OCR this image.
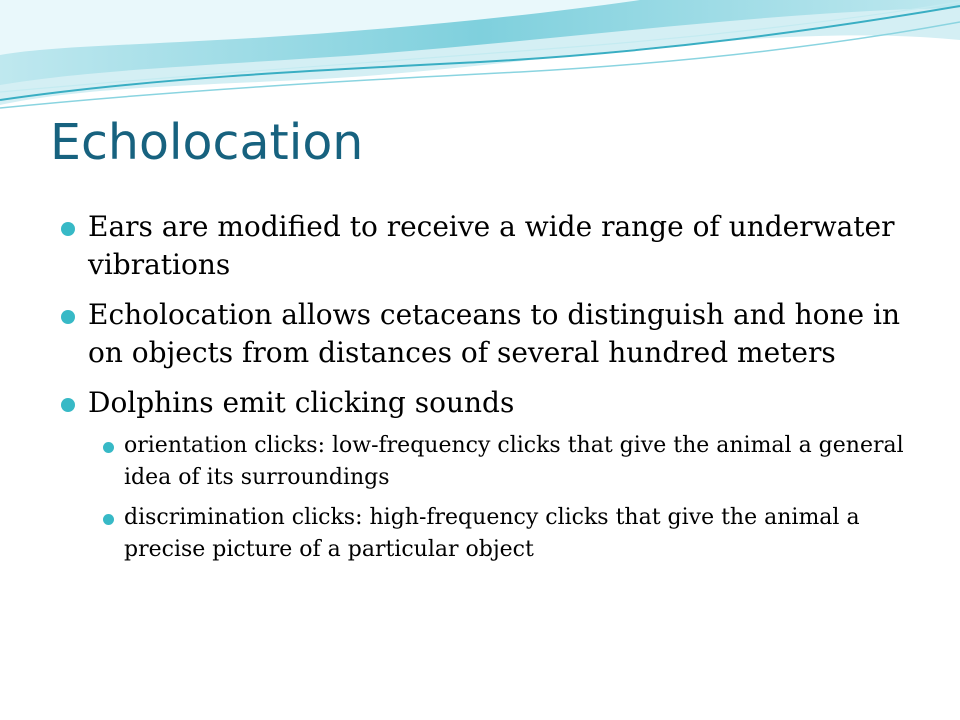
Echolocation
Ears are modified to receive a wide range of underwater vibrations
Echolocation allows cetaceans to distinguish and hone in on objects from distances of several hundred meters
Dolphins emit clicking sounds
orientation clicks: low-frequency clicks that give the animal a general idea of its surroundings
discrimination clicks: high-frequency clicks that give the animal a precise picture of a particular object
